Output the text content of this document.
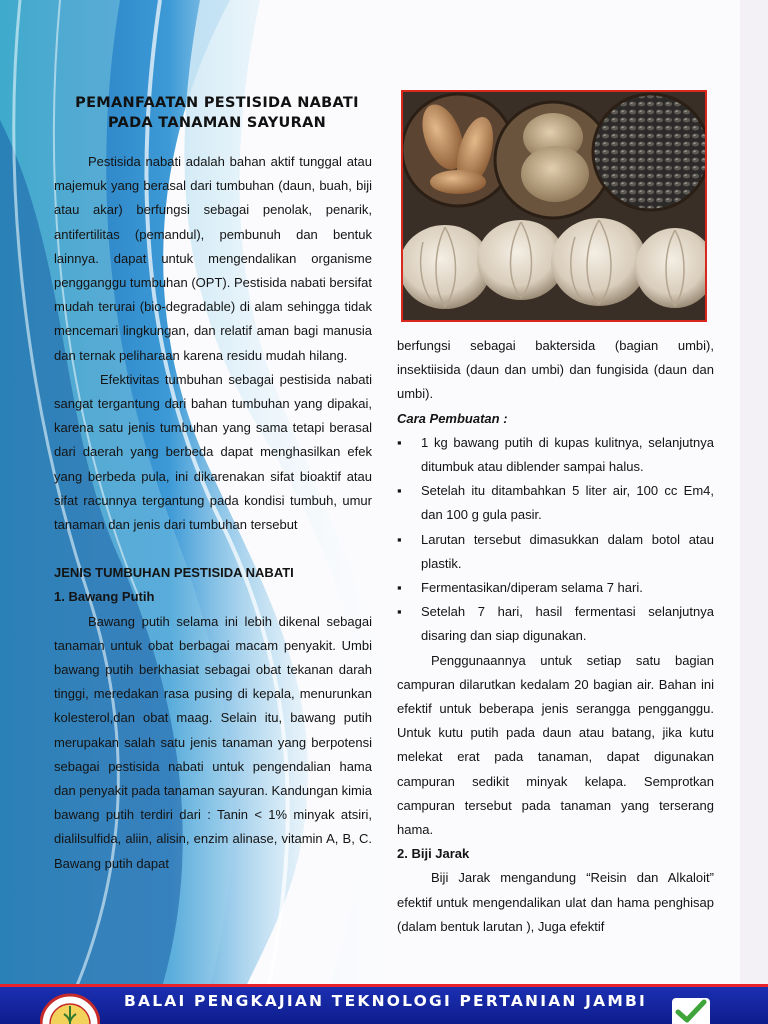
PEMANFAATAN PESTISIDA NABATI
PADA TANAMAN SAYURAN

Pestisida nabati adalah bahan aktif tunggal atau majemuk yang berasal dari tumbuhan (daun, buah, biji atau akar) berfungsi sebagai penolak, penarik, antifertilitas (pemandul), pembunuh dan bentuk lainnya. dapat untuk mengendalikan organisme pengganggu tumbuhan (OPT). Pestisida nabati bersifat mudah terurai (bio-degradable) di alam sehingga tidak mencemari lingkungan, dan relatif aman bagi manusia dan ternak peliharaan karena residu mudah hilang.

Efektivitas tumbuhan sebagai pestisida nabati sangat tergantung dari bahan tumbuhan yang dipakai, karena satu jenis tumbuhan yang sama tetapi berasal dari daerah yang berbeda dapat menghasilkan efek yang berbeda pula, ini dikarenakan sifat bioaktif atau sifat racunnya tergantung pada kondisi tumbuh, umur tanaman dan jenis dari tumbuhan tersebut

JENIS TUMBUHAN PESTISIDA NABATI

1. Bawang Putih

Bawang putih selama ini lebih dikenal sebagai tanaman untuk obat berbagai macam penyakit. Umbi bawang putih berkhasiat sebagai obat tekanan darah tinggi, meredakan rasa pusing di kepala, menurunkan kolesterol,dan obat maag. Selain itu, bawang putih merupakan salah satu jenis tanaman yang berpotensi sebagai pestisida nabati untuk pengendalian hama dan penyakit pada tanaman sayuran. Kandungan kimia bawang putih terdiri dari : Tanin < 1% minyak atsiri, dialilsulfida, aliin, alisin, enzim alinase, vitamin A, B, C. Bawang putih dapat

berfungsi sebagai baktersida (bagian umbi), insektiisida (daun dan umbi) dan fungisida (daun dan umbi).

Cara Pembuatan :

▪ 1 kg bawang putih di kupas kulitnya, selanjutnya ditumbuk atau diblender sampai halus.
▪ Setelah itu ditambahkan 5 liter air, 100 cc Em4, dan 100 g gula pasir.
▪ Larutan tersebut dimasukkan dalam botol atau plastik.
▪ Fermentasikan/diperam selama 7 hari.
▪ Setelah 7 hari, hasil fermentasi selanjutnya disaring dan siap digunakan.

Penggunaannya untuk setiap satu bagian campuran dilarutkan kedalam 20 bagian air. Bahan ini efektif untuk beberapa jenis serangga pengganggu. Untuk kutu putih pada daun atau batang, jika kutu melekat erat pada tanaman, dapat digunakan campuran sedikit minyak kelapa. Semprotkan campuran tersebut pada tanaman yang terserang hama.

2. Biji Jarak

Biji Jarak mengandung “Reisin dan Alkaloit” efektif untuk mengendalikan ulat dan hama penghisap (dalam bentuk larutan ), Juga efektif

BALAI PENGKAJIAN TEKNOLOGI PERTANIAN JAMBI
